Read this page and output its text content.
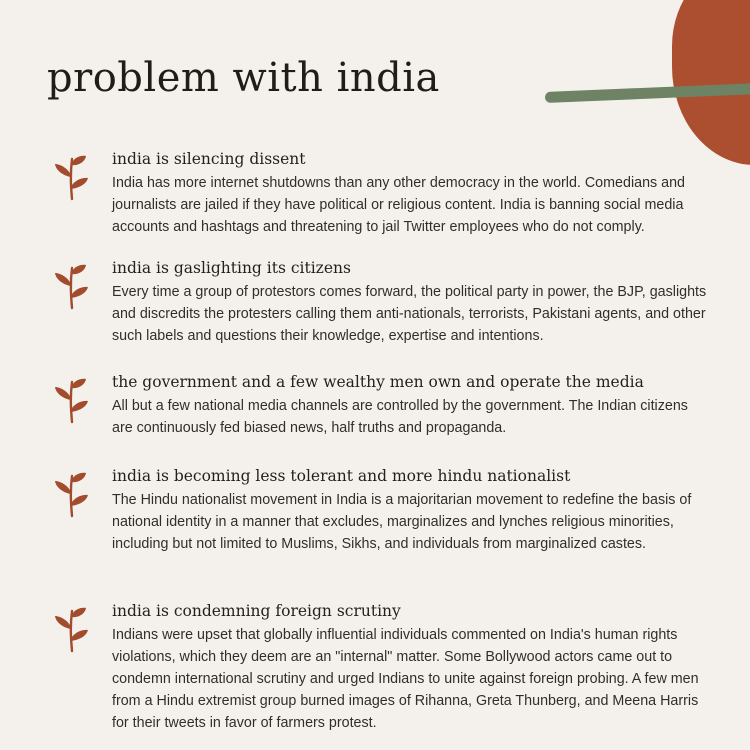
problem with india
india is silencing dissent

India has more internet shutdowns than any other democracy in the world. Comedians and journalists are jailed if they have political or religious content. India is banning social media accounts and hashtags and threatening to jail Twitter employees who do not comply.

india is gaslighting its citizens

Every time a group of protestors comes forward, the political party in power, the BJP, gaslights and discredits the protesters calling them anti-nationals, terrorists, Pakistani agents, and other such labels and questions their knowledge, expertise and intentions.

the government and a few wealthy men own and operate the media

All but a few national media channels are controlled by the government. The Indian citizens are continuously fed biased news, half truths and propaganda.

india is becoming less tolerant and more hindu nationalist

The Hindu nationalist movement in India is a majoritarian movement to redefine the basis of national identity in a manner that excludes, marginalizes and lynches religious minorities, including but not limited to Muslims, Sikhs, and individuals from marginalized castes.

india is condemning foreign scrutiny

Indians were upset that globally influential individuals commented on India's human rights violations, which they deem are an "internal" matter. Some Bollywood actors came out to condemn international scrutiny and urged Indians to unite against foreign probing. A few men from a Hindu extremist group burned images of Rihanna, Greta Thunberg, and Meena Harris for their tweets in favor of farmers protest.
